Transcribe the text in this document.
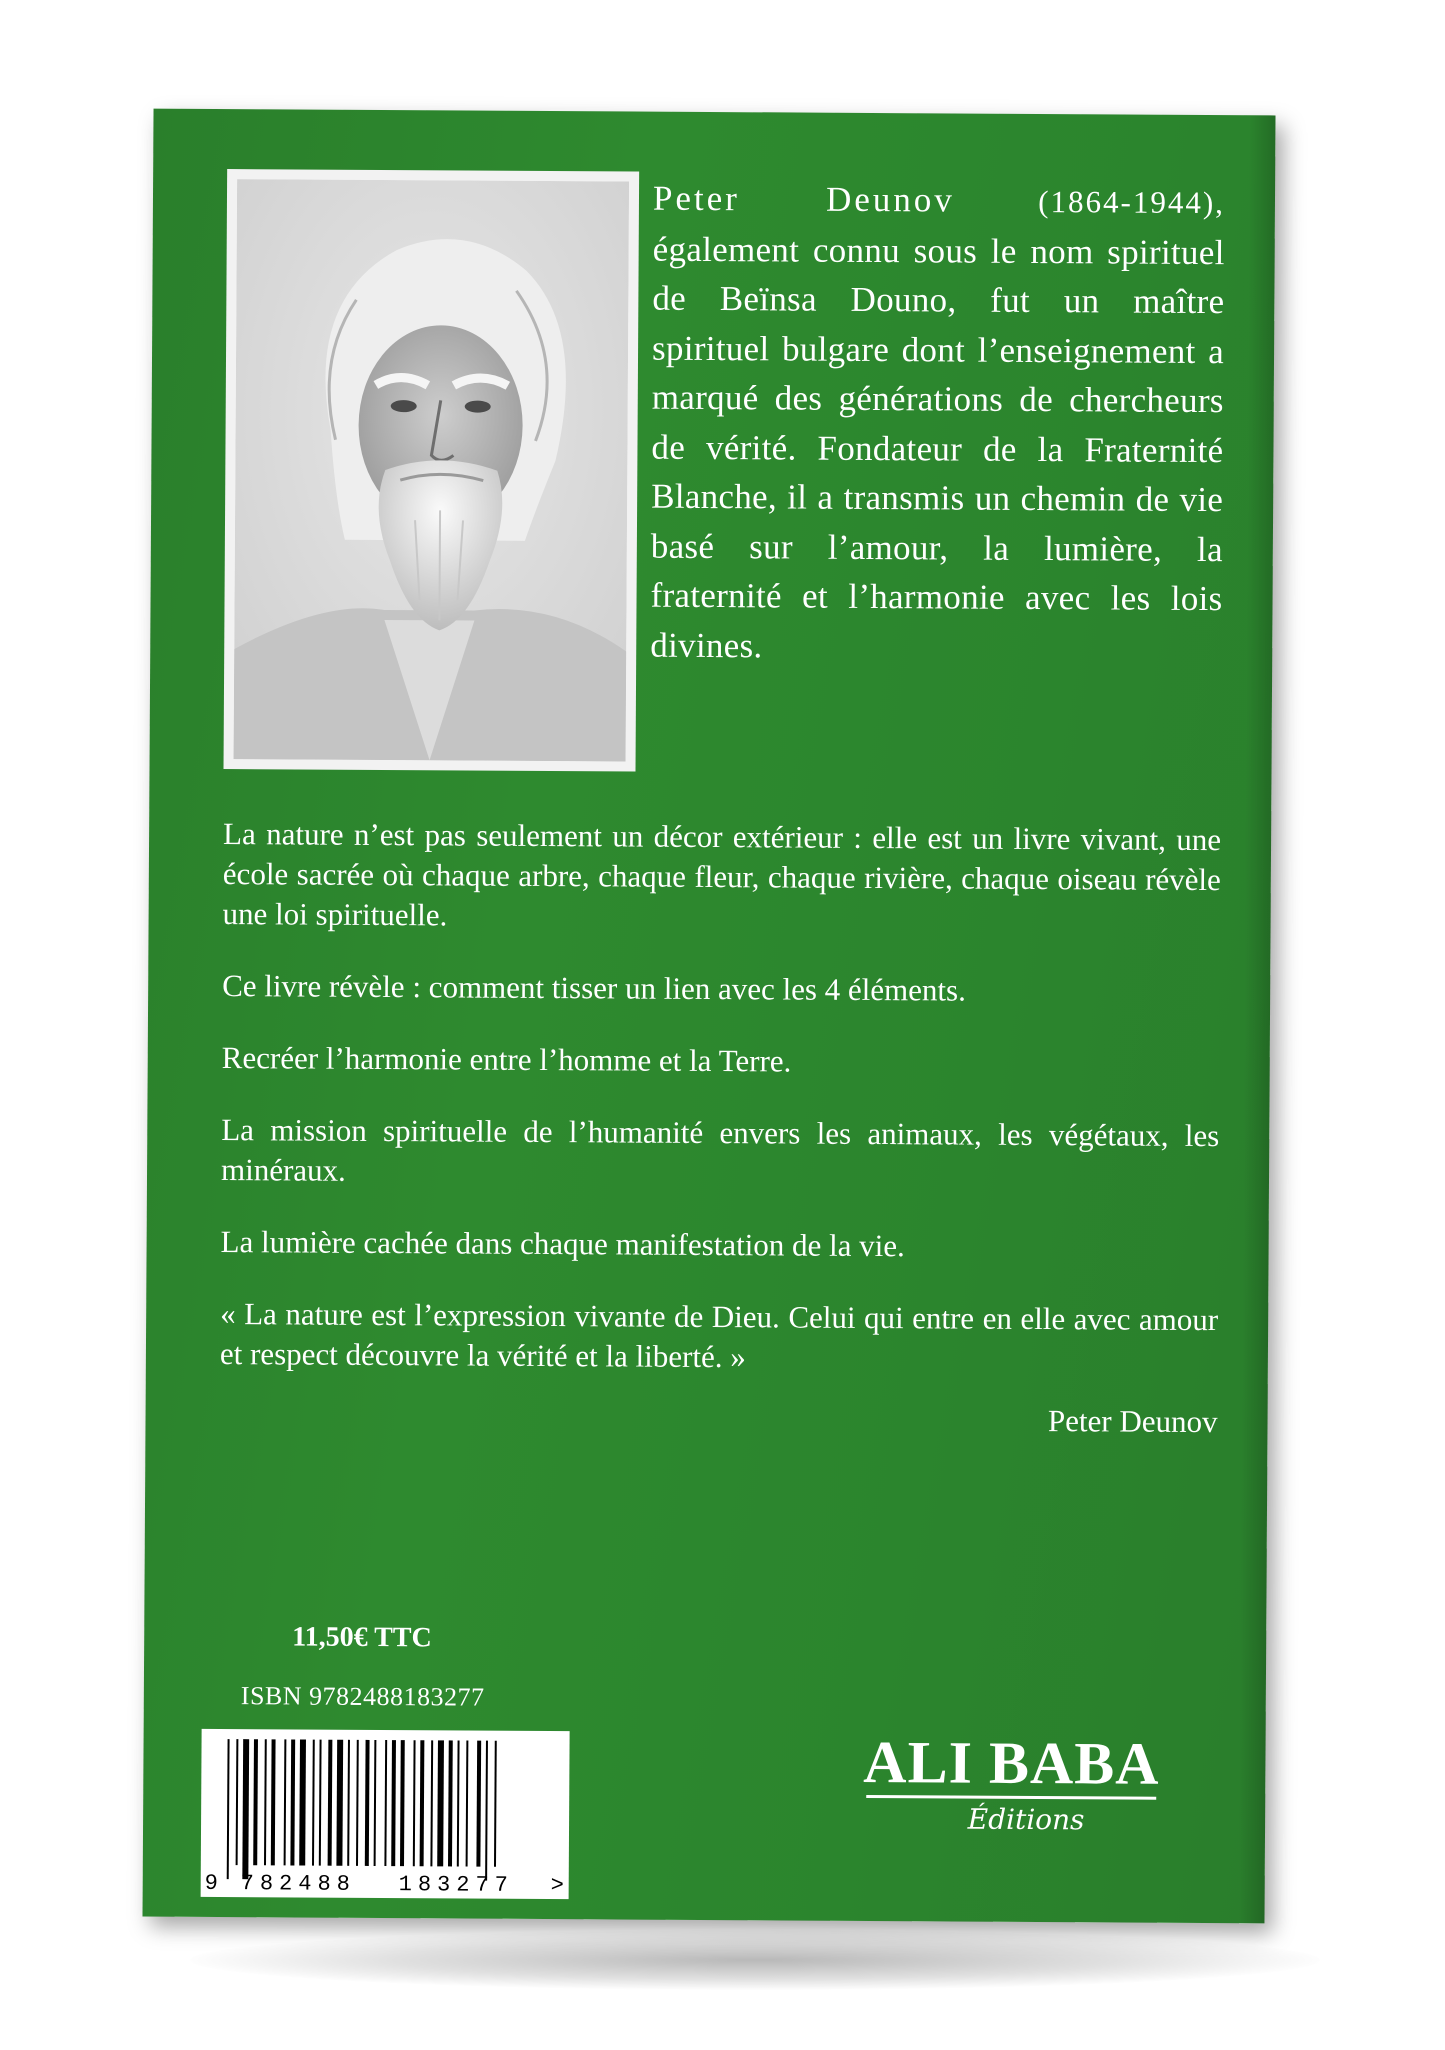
Peter Deunov	(1864-1944), également connu sous le nom spirituel de Beïnsa Douno, fut un maître spirituel bulgare dont l’enseignement a marqué des générations de chercheurs de vérité. Fondateur de la Fraternité Blanche, il a transmis un chemin de vie basé sur l’amour, la lumière, la fraternité et l’harmonie avec les lois divines.

La nature n’est pas seulement un décor extérieur : elle est un livre vivant, une école sacrée où chaque arbre, chaque fleur, chaque rivière, chaque oiseau révèle une loi spirituelle.

Ce livre révèle : comment tisser un lien avec les 4 éléments.

Recréer l’harmonie entre l’homme et la Terre.

La mission spirituelle de l’humanité envers les animaux, les végétaux, les minéraux.

La lumière cachée dans chaque manifestation de la vie.

« La nature est l’expression vivante de Dieu. Celui qui entre en elle avec amour et respect découvre la vérité et la liberté. »

Peter Deunov

11,50€ TTC
ISBN 9782488183277
9 782488 183277 >
ALI BABA
Éditions
